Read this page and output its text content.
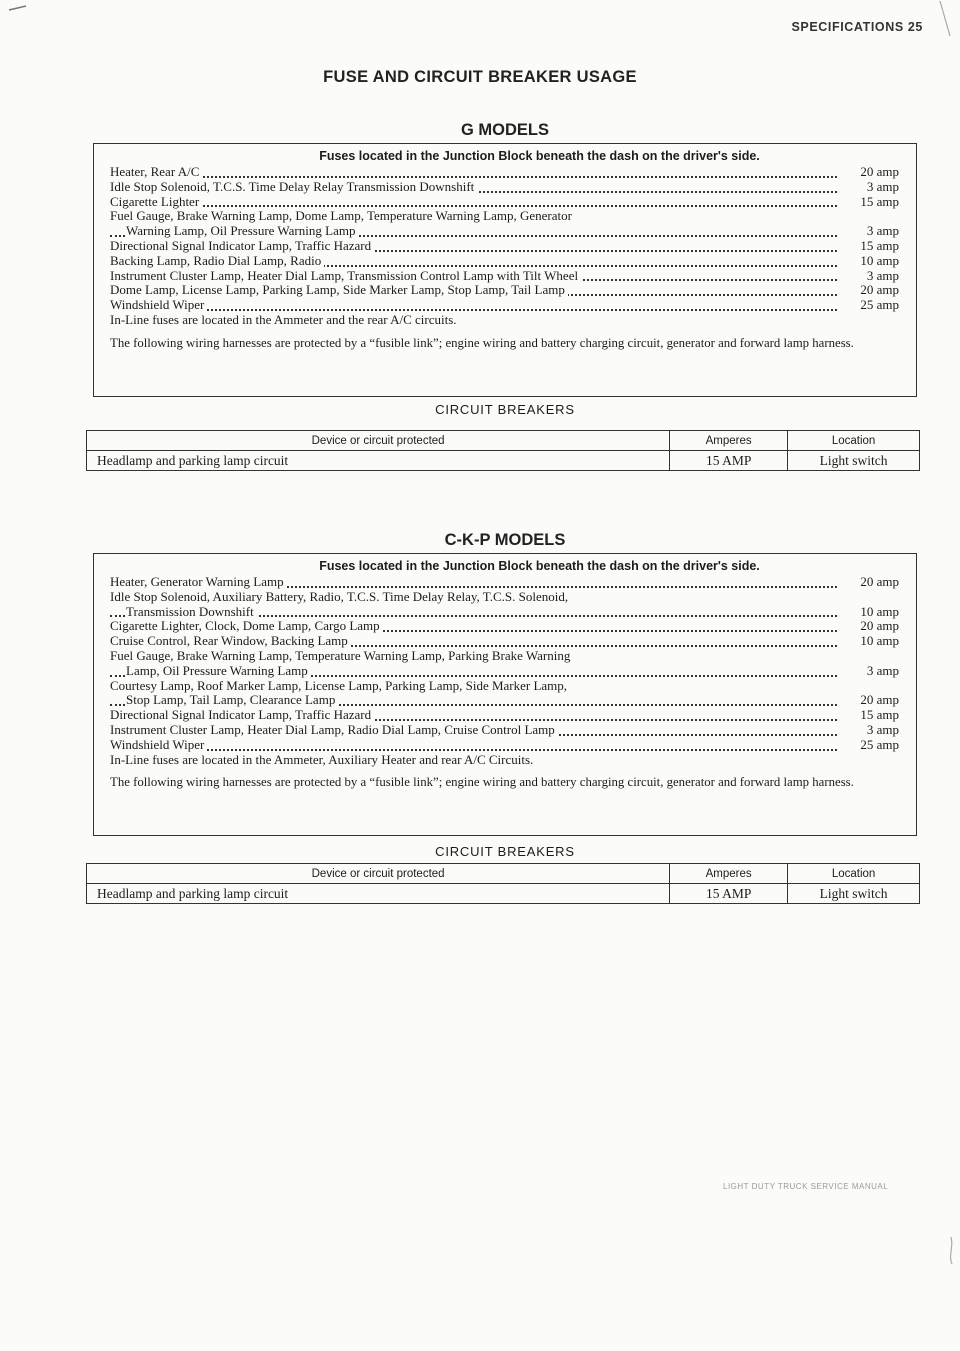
SPECIFICATIONS 25
FUSE AND CIRCUIT BREAKER USAGE
G MODELS
Fuses located in the Junction Block beneath the dash on the driver's side.
Heater, Rear A/C	20 amp
Idle Stop Solenoid, T.C.S. Time Delay Relay Transmission Downshift	3 amp
Cigarette Lighter	15 amp
Fuel Gauge, Brake Warning Lamp, Dome Lamp, Temperature Warning Lamp, Generator
Warning Lamp, Oil Pressure Warning Lamp	3 amp
Directional Signal Indicator Lamp, Traffic Hazard	15 amp
Backing Lamp, Radio Dial Lamp, Radio	10 amp
Instrument Cluster Lamp, Heater Dial Lamp, Transmission Control Lamp with Tilt Wheel	3 amp
Dome Lamp, License Lamp, Parking Lamp, Side Marker Lamp, Stop Lamp, Tail Lamp	20 amp
Windshield Wiper	25 amp
In-Line fuses are located in the Ammeter and the rear A/C circuits.
The following wiring harnesses are protected by a “fusible link”; engine wiring and battery charging circuit, generator and forward lamp harness.
CIRCUIT BREAKERS
Device or circuit protected	Amperes	Location
Headlamp and parking lamp circuit	15 AMP	Light switch
C-K-P MODELS
Fuses located in the Junction Block beneath the dash on the driver's side.
Heater, Generator Warning Lamp	20 amp
Idle Stop Solenoid, Auxiliary Battery, Radio, T.C.S. Time Delay Relay, T.C.S. Solenoid,
Transmission Downshift	10 amp
Cigarette Lighter, Clock, Dome Lamp, Cargo Lamp	20 amp
Cruise Control, Rear Window, Backing Lamp	10 amp
Fuel Gauge, Brake Warning Lamp, Temperature Warning Lamp, Parking Brake Warning
Lamp, Oil Pressure Warning Lamp	3 amp
Courtesy Lamp, Roof Marker Lamp, License Lamp, Parking Lamp, Side Marker Lamp,
Stop Lamp, Tail Lamp, Clearance Lamp	20 amp
Directional Signal Indicator Lamp, Traffic Hazard	15 amp
Instrument Cluster Lamp, Heater Dial Lamp, Radio Dial Lamp, Cruise Control Lamp	3 amp
Windshield Wiper	25 amp
In-Line fuses are located in the Ammeter, Auxiliary Heater and rear A/C Circuits.
The following wiring harnesses are protected by a “fusible link”; engine wiring and battery charging circuit, generator and forward lamp harness.
CIRCUIT BREAKERS
Device or circuit protected	Amperes	Location
Headlamp and parking lamp circuit	15 AMP	Light switch
LIGHT DUTY TRUCK SERVICE MANUAL
